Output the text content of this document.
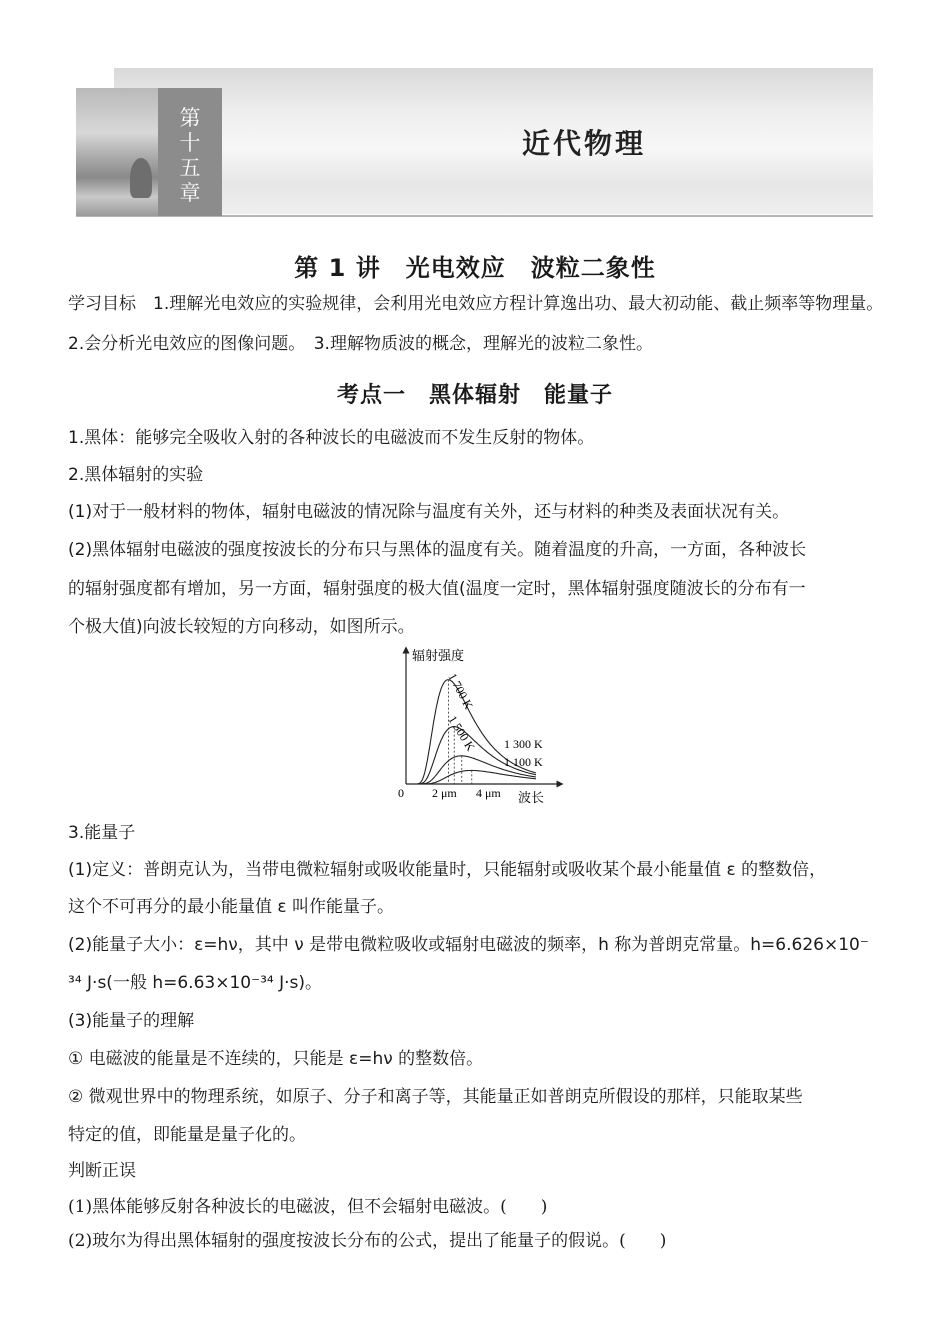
近代物理
第
十
五
章
第 1 讲　光电效应　波粒二象性
学习目标　1.理解光电效应的实验规律，会利用光电效应方程计算逸出功、最大初动能、截止频率等物理量。　2.会分析光电效应的图像问题。　3.理解物质波的概念，理解光的波粒二象性。
考点一　黑体辐射　能量子
1.黑体：能够完全吸收入射的各种波长的电磁波而不发生反射的物体。
2.黑体辐射的实验
(1)对于一般材料的物体，辐射电磁波的情况除与温度有关外，还与材料的种类及表面状况有关。
(2)黑体辐射电磁波的强度按波长的分布只与黑体的温度有关。随着温度的升高，一方面，各种波长
的辐射强度都有增加，另一方面，辐射强度的极大值(温度一定时，黑体辐射强度随波长的分布有一
个极大值)向波长较短的方向移动，如图所示。
辐射强度
波长
0 2 μm 4 μm
1 700 K
1 500 K 1 300 K
1 100 K
3.能量子
(1)定义：普朗克认为，当带电微粒辐射或吸收能量时，只能辐射或吸收某个最小能量值 ε 的整数倍，
这个不可再分的最小能量值 ε 叫作能量子。
(2)能量子大小：ε=hν，其中 ν 是带电微粒吸收或辐射电磁波的频率，h 称为普朗克常量。h=6.626×10⁻
³⁴ J·s(一般 h=6.63×10⁻³⁴ J·s)。
(3)能量子的理解
① 电磁波的能量是不连续的，只能是 ε=hν 的整数倍。
② 微观世界中的物理系统，如原子、分子和离子等，其能量正如普朗克所假设的那样，只能取某些
特定的值，即能量是量子化的。
判断正误
(1)黑体能够反射各种波长的电磁波，但不会辐射电磁波。(　　)
(2)玻尔为得出黑体辐射的强度按波长分布的公式，提出了能量子的假说。(　　)
